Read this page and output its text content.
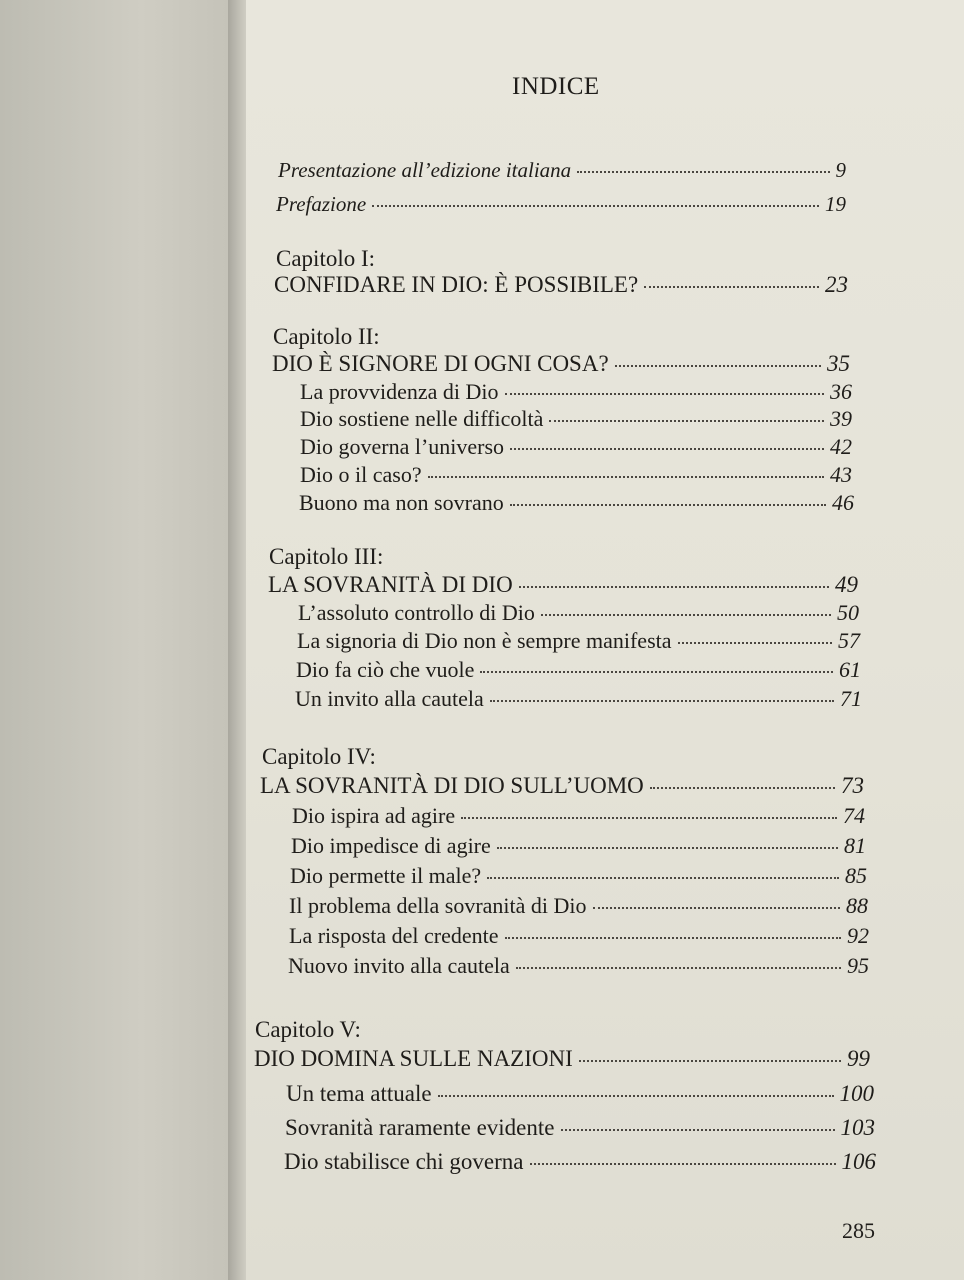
INDICE
Presentazione all’edizione italiana	9
Prefazione	19
Capitolo I:
CONFIDARE IN DIO: È POSSIBILE?	23
Capitolo II:
DIO È SIGNORE DI OGNI COSA?	35
La provvidenza di Dio	36
Dio sostiene nelle difficoltà	39
Dio governa l’universo	42
Dio o il caso?	43
Buono ma non sovrano	46
Capitolo III:
LA SOVRANITÀ DI DIO	49
L’assoluto controllo di Dio	50
La signoria di Dio non è sempre manifesta	57
Dio fa ciò che vuole	61
Un invito alla cautela	71
Capitolo IV:
LA SOVRANITÀ DI DIO SULL’UOMO	73
Dio ispira ad agire	74
Dio impedisce di agire	81
Dio permette il male?	85
Il problema della sovranità di Dio	88
La risposta del credente	92
Nuovo invito alla cautela	95
Capitolo V:
DIO DOMINA SULLE NAZIONI	99
Un tema attuale	100
Sovranità raramente evidente	103
Dio stabilisce chi governa	106
285
